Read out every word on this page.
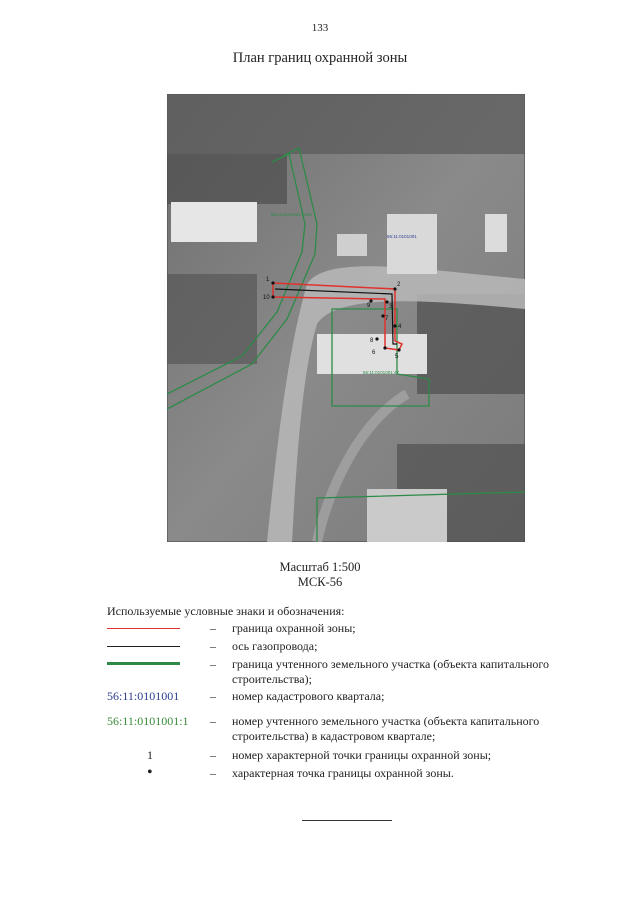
133
План границ охранной зоны
1
2
3
4
5
6
7
8
9
10
56:11:0101001:1660
56:11:0101001
56:11:0101001:47
Масштаб 1:500
МСК-56
Используемые условные знаки и обозначения:
– граница охранной зоны;
– ось газопровода;
– граница учтенного земельного участка (объекта капитального строительства);
56:11:0101001	– номер кадастрового квартала;
56:11:0101001:1	– номер учтенного земельного участка (объекта капитального строительства) в кадастровом квартале;
1	– номер характерной точки границы охранной зоны;
•	– характерная точка границы охранной зоны.
